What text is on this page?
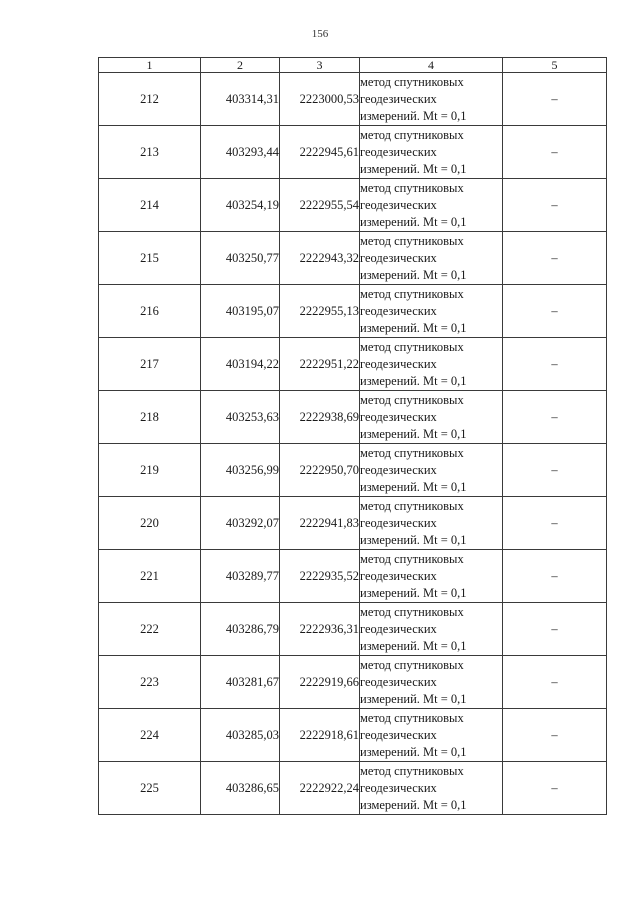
156
1	2	3	4	5
212	403314,31	2223000,53	метод спутниковых
геодезических
измерений. Mt = 0,1	–
213	403293,44	2222945,61	метод спутниковых
геодезических
измерений. Mt = 0,1	–
214	403254,19	2222955,54	метод спутниковых
геодезических
измерений. Mt = 0,1	–
215	403250,77	2222943,32	метод спутниковых
геодезических
измерений. Mt = 0,1	–
216	403195,07	2222955,13	метод спутниковых
геодезических
измерений. Mt = 0,1	–
217	403194,22	2222951,22	метод спутниковых
геодезических
измерений. Mt = 0,1	–
218	403253,63	2222938,69	метод спутниковых
геодезических
измерений. Mt = 0,1	–
219	403256,99	2222950,70	метод спутниковых
геодезических
измерений. Mt = 0,1	–
220	403292,07	2222941,83	метод спутниковых
геодезических
измерений. Mt = 0,1	–
221	403289,77	2222935,52	метод спутниковых
геодезических
измерений. Mt = 0,1	–
222	403286,79	2222936,31	метод спутниковых
геодезических
измерений. Mt = 0,1	–
223	403281,67	2222919,66	метод спутниковых
геодезических
измерений. Mt = 0,1	–
224	403285,03	2222918,61	метод спутниковых
геодезических
измерений. Mt = 0,1	–
225	403286,65	2222922,24	метод спутниковых
геодезических
измерений. Mt = 0,1	–
